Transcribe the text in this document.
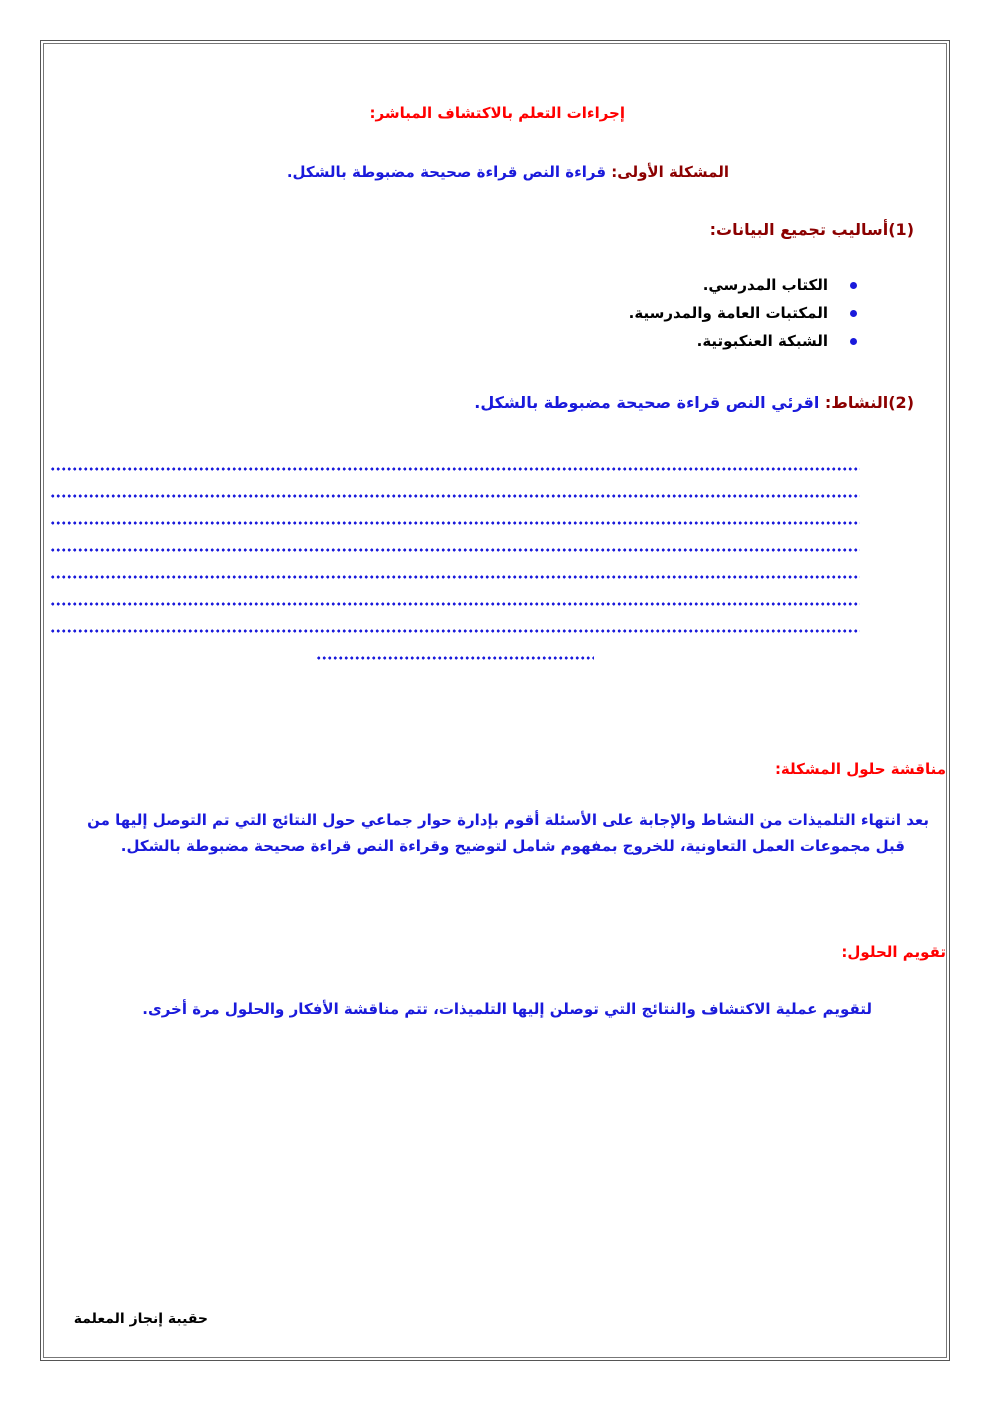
إجراءات التعلم بالاكتشاف المباشر:
المشكلة الأولى: قراءة النص قراءة صحيحة مضبوطة بالشكل.
(1)أساليب تجميع البيانات:
الكتاب المدرسي.
المكتبات العامة والمدرسية.
الشبكة العنكبوتية.
(2)النشاط: اقرئي النص قراءة صحيحة مضبوطة بالشكل.
مناقشة حلول المشكلة:
بعد انتهاء التلميذات من النشاط والإجابة على الأسئلة أقوم بإدارة حوار جماعي حول النتائج التي تم التوصل إليها من
قبل مجموعات العمل التعاونية، للخروج بمفهوم شامل لتوضيح وقراءة النص قراءة صحيحة مضبوطة بالشكل.
تقويم الحلول:
لتقويم عملية الاكتشاف والنتائج التي توصلن إليها التلميذات، تتم مناقشة الأفكار والحلول مرة أخرى.
حقيبة إنجاز المعلمة
